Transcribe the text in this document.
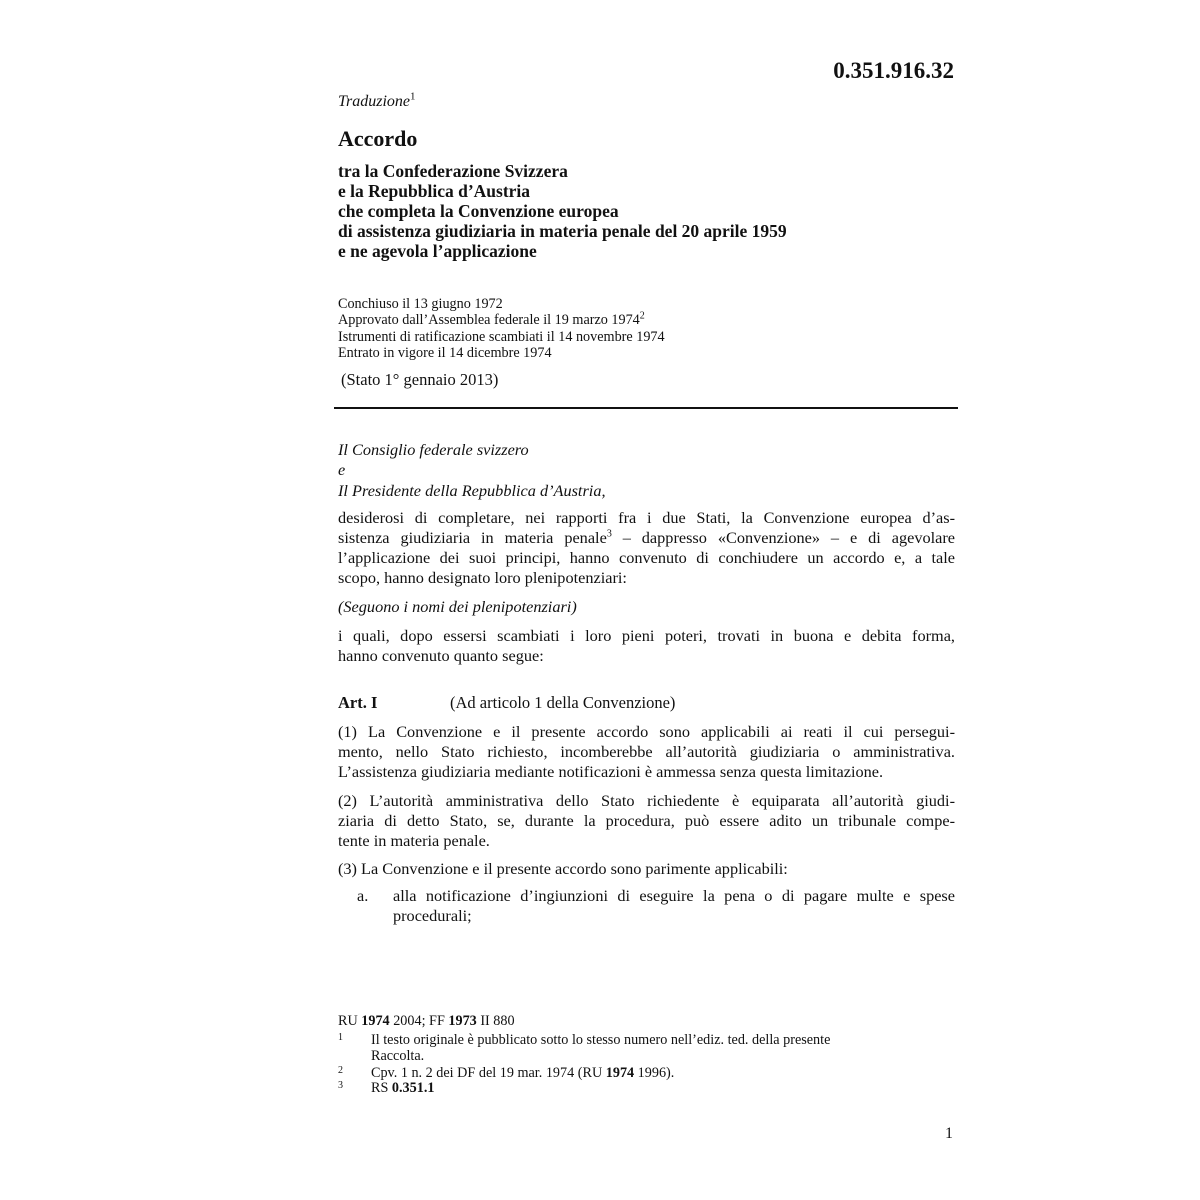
0.351.916.32
Traduzione$^1$
Accordo
tra la Confederazione Svizzera
e la Repubblica d’Austria
che completa la Convenzione europea
di assistenza giudiziaria in materia penale del 20 aprile 1959
e ne agevola l’applicazione
Conchiuso il 13 giugno 1972
Approvato dall’Assemblea federale il 19 marzo 1974$^2$
Istrumenti di ratificazione scambiati il 14 novembre 1974
Entrato in vigore il 14 dicembre 1974
(Stato 1° gennaio 2013)
Il Consiglio federale svizzero
e
Il Presidente della Repubblica d’Austria,
desiderosi di completare, nei rapporti fra i due Stati, la Convenzione europea d’as-
sistenza giudiziaria in materia penale$^3$ – dappresso «Convenzione» – e di agevolare
l’applicazione dei suoi principi, hanno convenuto di conchiudere un accordo e, a tale
scopo, hanno designato loro plenipotenziari:
(Seguono i nomi dei plenipotenziari)
i quali, dopo essersi scambiati i loro pieni poteri, trovati in buona e debita forma,
hanno convenuto quanto segue:
Art. I	(Ad articolo 1 della Convenzione)
(1) La Convenzione e il presente accordo sono applicabili ai reati il cui persegui-
mento, nello Stato richiesto, incomberebbe all’autorità giudiziaria o amministrativa.
L’assistenza giudiziaria mediante notificazioni è ammessa senza questa limitazione.
(2) L’autorità amministrativa dello Stato richiedente è equiparata all’autorità giudi-
ziaria di detto Stato, se, durante la procedura, può essere adito un tribunale compe-
tente in materia penale.
(3) La Convenzione e il presente accordo sono parimente applicabili:
a. alla notificazione d’ingiunzioni di eseguire la pena o di pagare multe e spese
procedurali;
RU 1974 2004; FF 1973 II 880
1 Il testo originale è pubblicato sotto lo stesso numero nell’ediz. ted. della presente
Raccolta.
2 Cpv. 1 n. 2 dei DF del 19 mar. 1974 (RU 1974 1996).
3 RS 0.351.1
1
